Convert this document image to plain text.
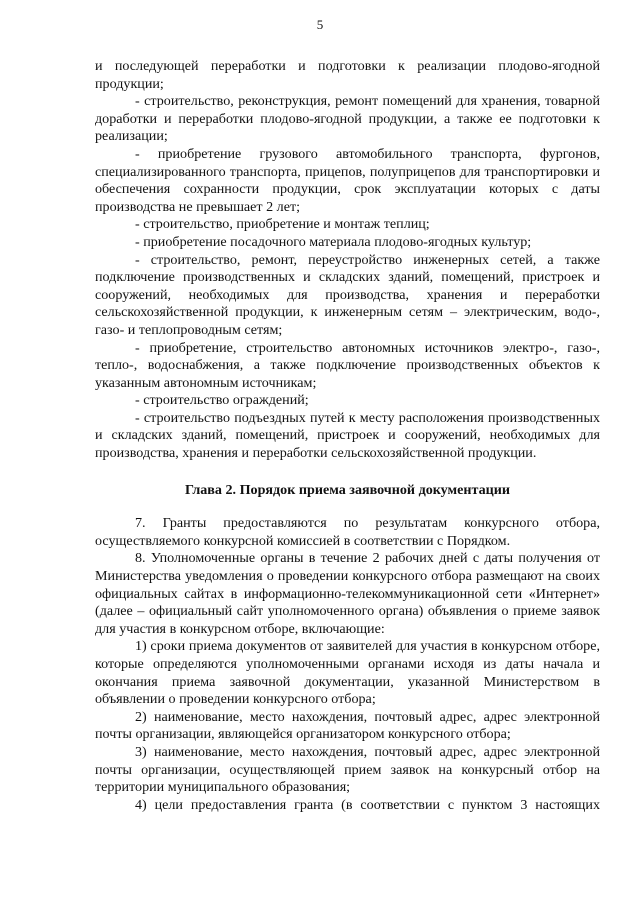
5

и последующей переработки и подготовки к реализации плодово-ягодной продукции;

- строительство, реконструкция, ремонт помещений для хранения, товарной доработки и переработки плодово-ягодной продукции, а также ее подготовки к реализации;

- приобретение грузового автомобильного транспорта, фургонов, специализированного транспорта, прицепов, полуприцепов для транспортировки и обеспечения сохранности продукции, срок эксплуатации которых с даты производства не превышает 2 лет;

- строительство, приобретение и монтаж теплиц;

- приобретение посадочного материала плодово-ягодных культур;

- строительство, ремонт, переустройство инженерных сетей, а также подключение производственных и складских зданий, помещений, пристроек и сооружений, необходимых для производства, хранения и переработки сельскохозяйственной продукции, к инженерным сетям – электрическим, водо-, газо- и теплопроводным сетям;

- приобретение, строительство автономных источников электро-, газо-, тепло-, водоснабжения, а также подключение производственных объектов к указанным автономным источникам;

- строительство ограждений;

- строительство подъездных путей к месту расположения производственных и складских зданий, помещений, пристроек и сооружений, необходимых для производства, хранения и переработки сельскохозяйственной продукции.

Глава 2. Порядок приема заявочной документации

7. Гранты предоставляются по результатам конкурсного отбора, осуществляемого конкурсной комиссией в соответствии с Порядком.

8. Уполномоченные органы в течение 2 рабочих дней с даты получения от Министерства уведомления о проведении конкурсного отбора размещают на своих официальных сайтах в информационно-телекоммуникационной сети «Интернет» (далее – официальный сайт уполномоченного органа) объявления о приеме заявок для участия в конкурсном отборе, включающие:

1) сроки приема документов от заявителей для участия в конкурсном отборе, которые определяются уполномоченными органами исходя из даты начала и окончания приема заявочной документации, указанной Министерством в объявлении о проведении конкурсного отбора;

2) наименование, место нахождения, почтовый адрес, адрес электронной почты организации, являющейся организатором конкурсного отбора;

3) наименование, место нахождения, почтовый адрес, адрес электронной почты организации, осуществляющей прием заявок на конкурсный отбор на территории муниципального образования;

4) цели предоставления гранта (в соответствии с пунктом 3 настоящих
